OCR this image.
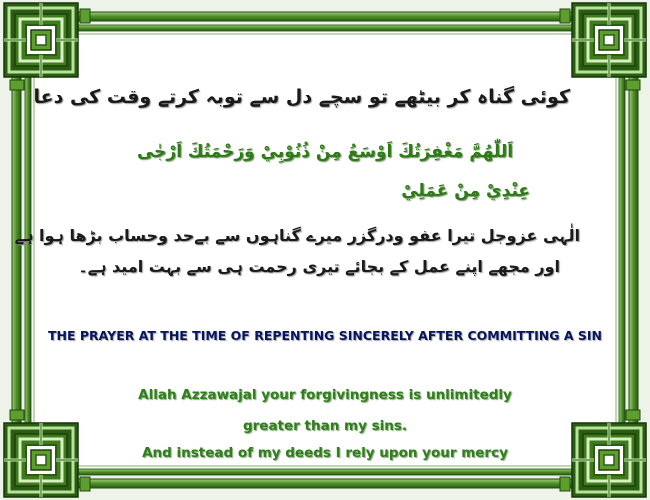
کوئی گناہ کر بیٹھے تو سچے دل سے توبہ کرتے وقت کی دعا
اَللّٰهُمَّ مَغْفِرَتُكَ اَوْسَعُ مِنْ ذُنُوْبِيْ وَرَحْمَتُكَ اَرْجٰى
عِنْدِيْ مِنْ عَمَلِيْ
الٰہی عزوجل تیرا عفو ودرگزر میرے گناہوں سے بےحد وحساب بڑھا ہوا ہے
اور مجھے اپنے عمل کے بجائے تیری رحمت ہی سے بہت امید ہے۔
THE PRAYER AT THE TIME OF REPENTING SINCERELY AFTER COMMITTING A SIN
Allah Azzawajal your forgivingness is unlimitedly
greater than my sins.
And instead of my deeds I rely upon your mercy
